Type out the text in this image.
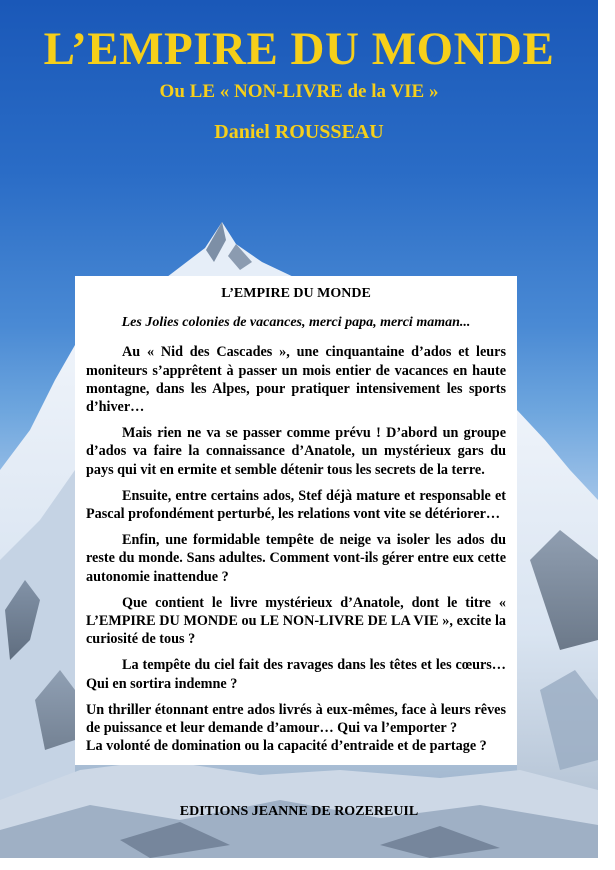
L’EMPIRE DU MONDE
Ou LE « NON-LIVRE de la VIE »
Daniel ROUSSEAU

L’EMPIRE DU MONDE

Les Jolies colonies de vacances, merci papa, merci maman...

Au « Nid des Cascades », une cinquantaine d’ados et leurs moniteurs s’apprêtent à passer un mois entier de vacances en haute montagne, dans les Alpes, pour pratiquer intensivement les sports d’hiver…

Mais rien ne va se passer comme prévu ! D’abord un groupe d’ados va faire la connaissance d’Anatole, un mystérieux gars du pays qui vit en ermite et semble détenir tous les secrets de la terre.

Ensuite, entre certains ados, Stef déjà mature et responsable et Pascal profondément perturbé, les relations vont vite se détériorer…

Enfin, une formidable tempête de neige va isoler les ados du reste du monde. Sans adultes. Comment vont-ils gérer entre eux cette autonomie inattendue ?

Que contient le livre mystérieux d’Anatole, dont le titre « L’EMPIRE DU MONDE ou LE NON-LIVRE DE LA VIE », excite la curiosité de tous ?

La tempête du ciel fait des ravages dans les têtes et les cœurs… Qui en sortira indemne ?

Un thriller étonnant entre ados livrés à eux-mêmes, face à leurs rêves de puissance et leur demande d’amour… Qui va l’emporter ?

La volonté de domination ou la capacité d’entraide et de partage ?

EDITIONS JEANNE DE ROZEREUIL
